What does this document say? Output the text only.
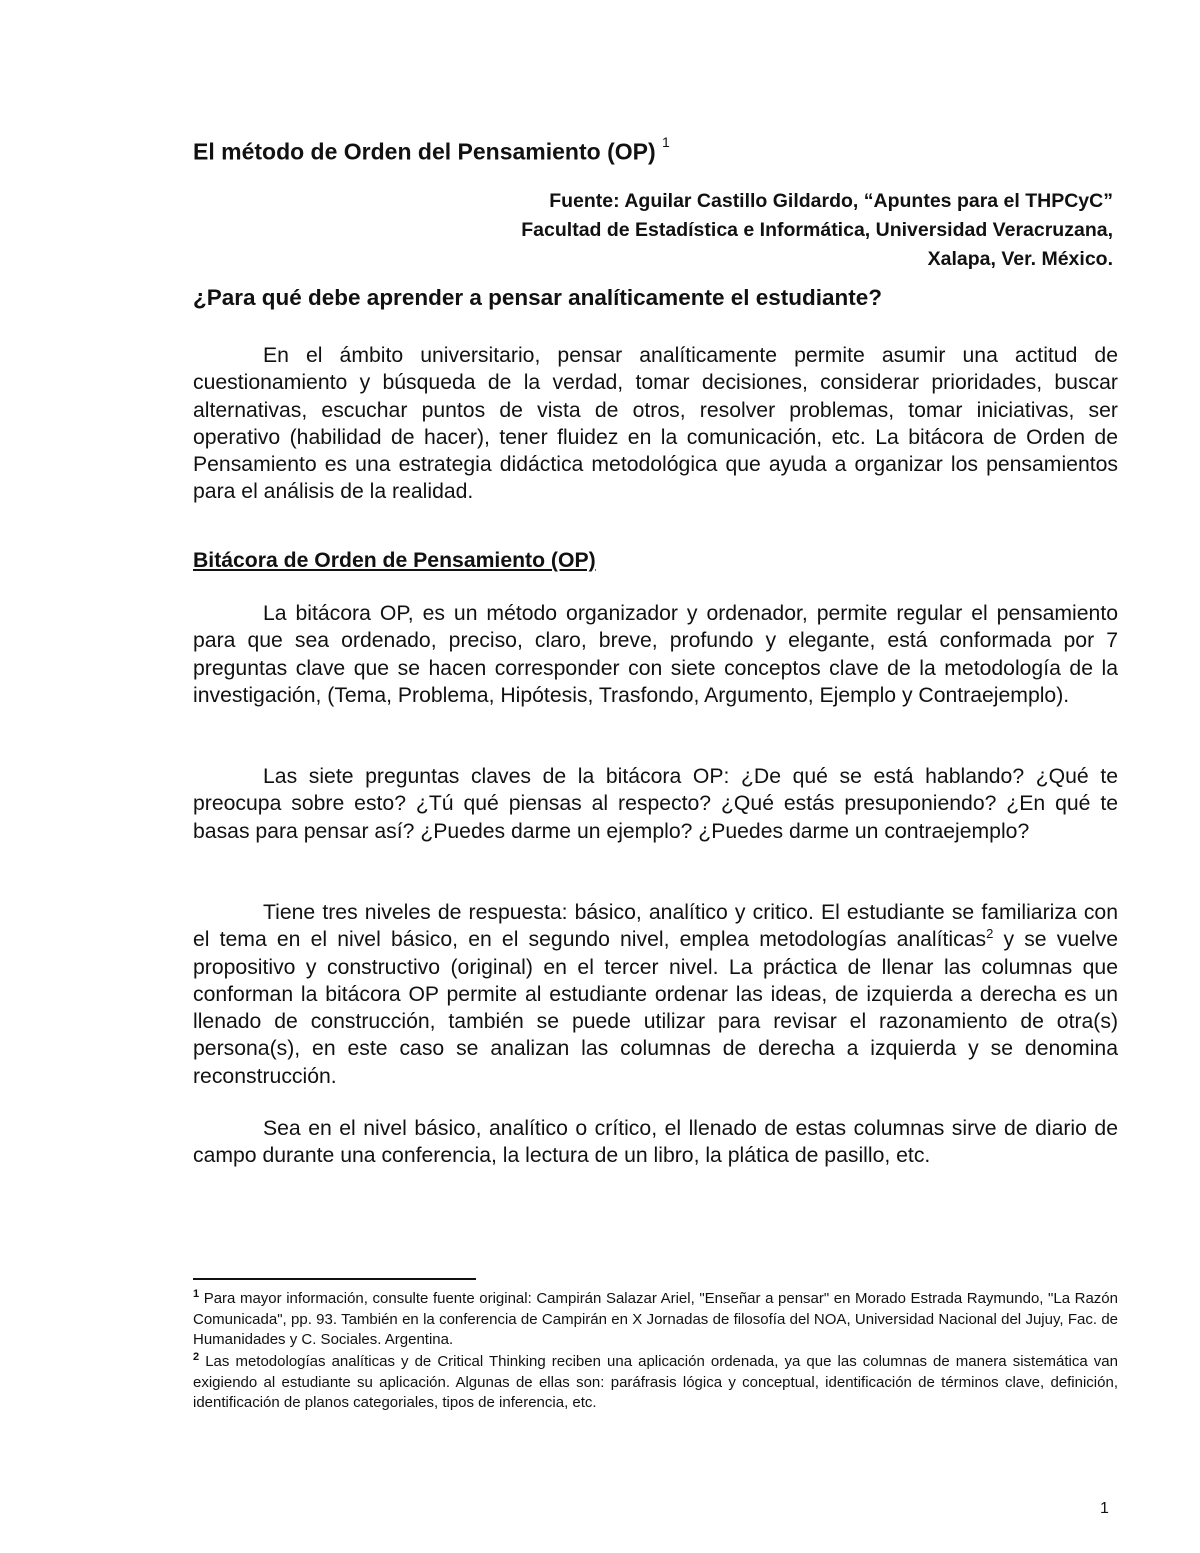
El método de Orden del Pensamiento (OP) $^1$
Fuente: Aguilar Castillo Gildardo, “Apuntes para el THPCyC”
Facultad de Estadística e Informática, Universidad Veracruzana,
Xalapa, Ver. México.
¿Para qué debe aprender a pensar analíticamente el estudiante?

En el ámbito universitario, pensar analíticamente permite asumir una actitud de cuestionamiento y búsqueda de la verdad, tomar decisiones, considerar prioridades, buscar alternativas, escuchar puntos de vista de otros, resolver problemas, tomar iniciativas, ser operativo (habilidad de hacer), tener fluidez en la comunicación, etc. La bitácora de Orden de Pensamiento es una estrategia didáctica metodológica que ayuda a organizar los pensamientos para el análisis de la realidad.

Bitácora de Orden de Pensamiento (OP)

La bitácora OP, es un método organizador y ordenador, permite regular el pensamiento para que sea ordenado, preciso, claro, breve, profundo y elegante, está conformada por 7 preguntas clave que se hacen corresponder con siete conceptos clave de la metodología de la investigación, (Tema, Problema, Hipótesis, Trasfondo, Argumento, Ejemplo y Contraejemplo).

Las siete preguntas claves de la bitácora OP: ¿De qué se está hablando? ¿Qué te preocupa sobre esto? ¿Tú qué piensas al respecto? ¿Qué estás presuponiendo? ¿En qué te basas para pensar así? ¿Puedes darme un ejemplo? ¿Puedes darme un contraejemplo?

Tiene tres niveles de respuesta: básico, analítico y critico. El estudiante se familiariza con el tema en el nivel básico, en el segundo nivel, emplea metodologías analíticas$^2$ y se vuelve propositivo y constructivo (original) en el tercer nivel. La práctica de llenar las columnas que conforman la bitácora OP permite al estudiante ordenar las ideas, de izquierda a derecha es un llenado de construcción, también se puede utilizar para revisar el razonamiento de otra(s) persona(s), en este caso se analizan las columnas de derecha a izquierda y se denomina reconstrucción.

Sea en el nivel básico, analítico o crítico, el llenado de estas columnas sirve de diario de campo durante una conferencia, la lectura de un libro, la plática de pasillo, etc.

$^1$ Para mayor información, consulte fuente original: Campirán Salazar Ariel, "Enseñar a pensar" en Morado Estrada Raymundo, "La Razón Comunicada", pp. 93. También en la conferencia de Campirán en X Jornadas de filosofía del NOA, Universidad Nacional del Jujuy, Fac. de Humanidades y C. Sociales. Argentina.

$^2$ Las metodologías analíticas y de Critical Thinking reciben una aplicación ordenada, ya que las columnas de manera sistemática van exigiendo al estudiante su aplicación. Algunas de ellas son: paráfrasis lógica y conceptual, identificación de términos clave, definición, identificación de planos categoriales, tipos de inferencia, etc.

1
